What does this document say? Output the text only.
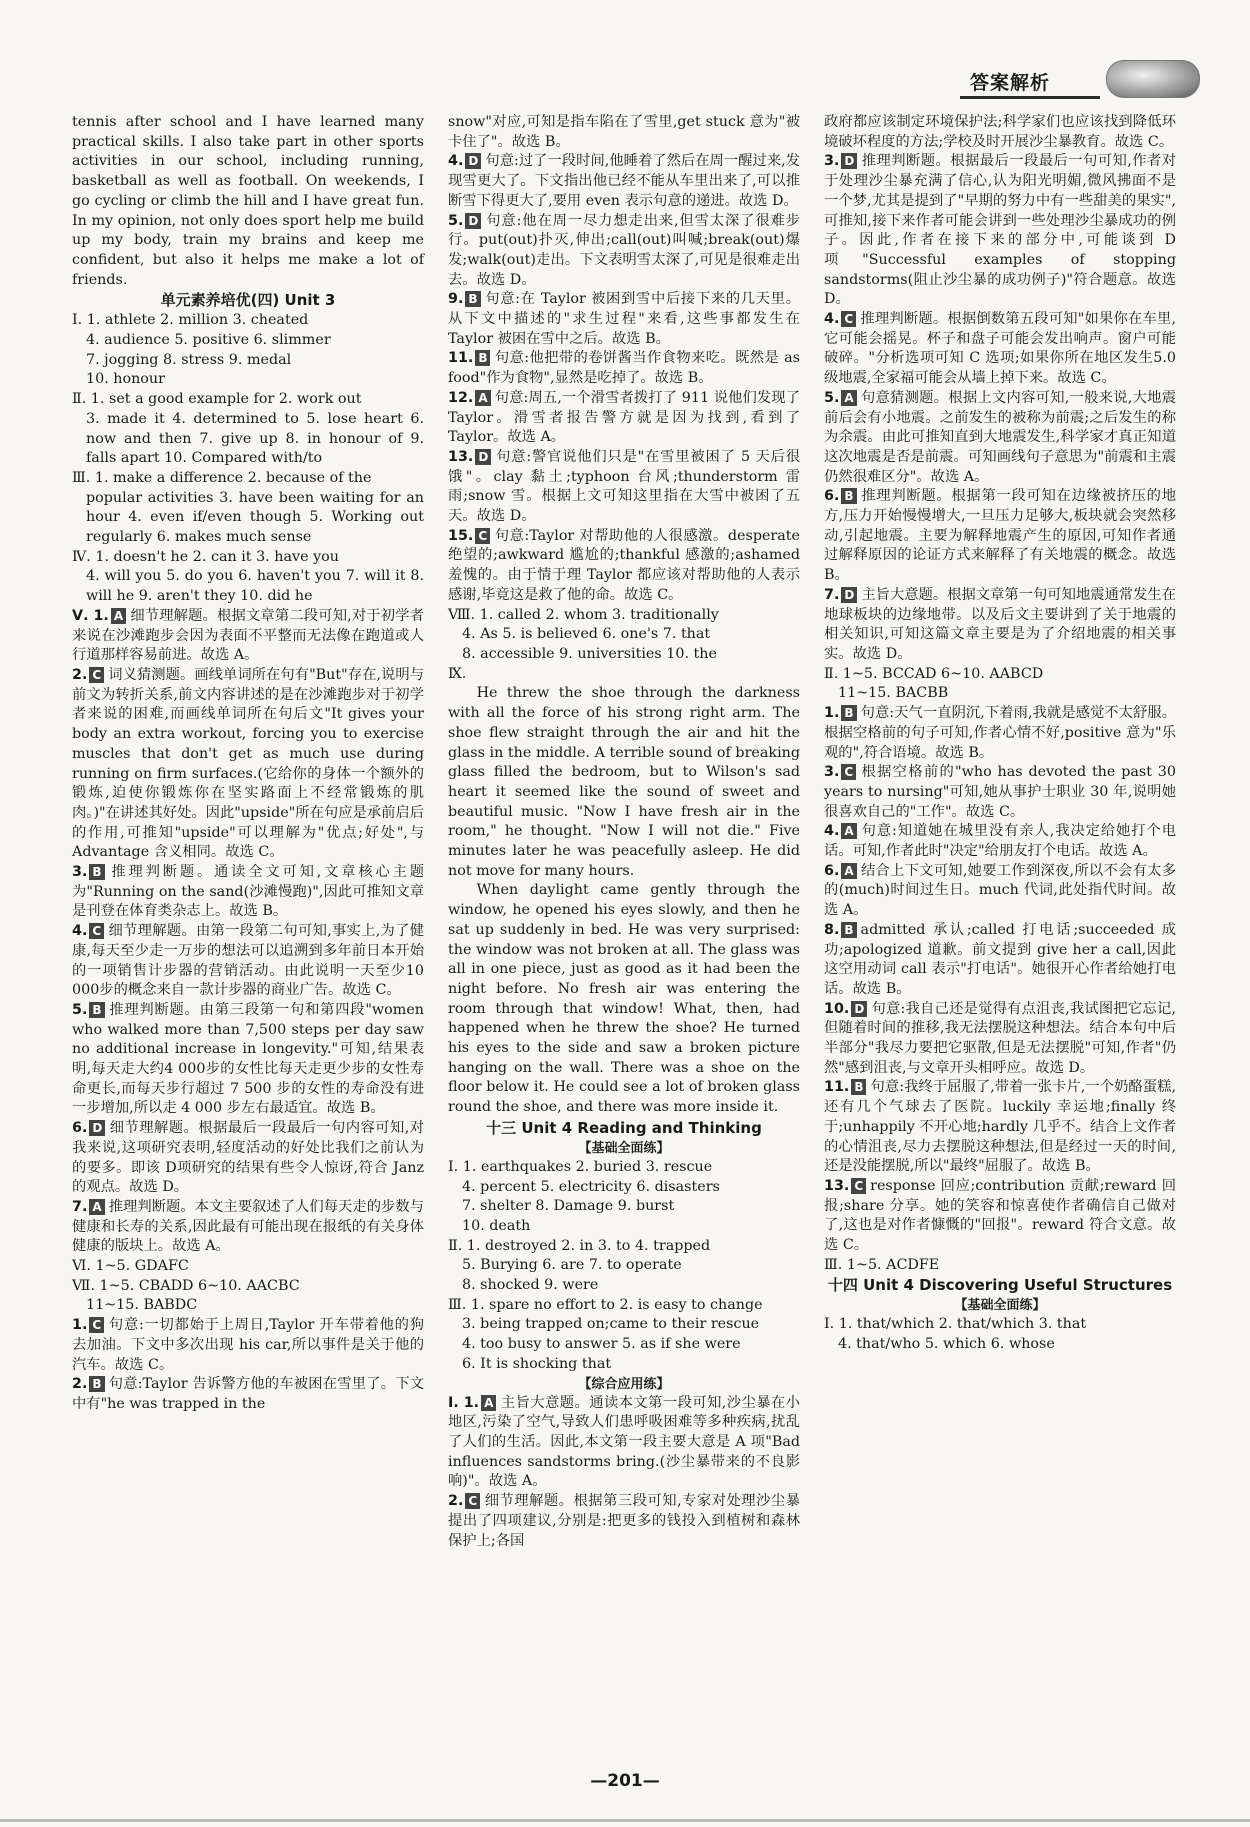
答案解析

tennis after school and I have learned many practical skills. I also take part in other sports activities in our school, including running, basketball as well as football. On weekends, I go cycling or climb the hill and I have great fun. In my opinion, not only does sport help me build up my body, train my brains and keep me confident, but also it helps me make a lot of friends.

单元素养培优(四) Unit 3

Ⅰ. 1. athlete 2. million 3. cheated

4. audience 5. positive 6. slimmer

7. jogging 8. stress 9. medal

10. honour

Ⅱ. 1. set a good example for 2. work out

3. made it 4. determined to 5. lose heart 6. now and then 7. give up 8. in honour of 9. falls apart 10. Compared with/to

Ⅲ. 1. make a difference 2. because of the

popular activities 3. have been waiting for an hour 4. even if/even though 5. Working out regularly 6. makes much sense

Ⅳ. 1. doesn't he 2. can it 3. have you

4. will you 5. do you 6. haven't you 7. will it 8. will he 9. aren't they 10. did he

Ⅴ. 1. A 细节理解题。根据文章第二段可知,对于初学者来说在沙滩跑步会因为表面不平整而无法像在跑道或人行道那样容易前进。故选 A。

2. C 词义猜测题。画线单词所在句有"But"存在,说明与前文为转折关系,前文内容讲述的是在沙滩跑步对于初学者来说的困难,而画线单词所在句后文"It gives your body an extra workout, forcing you to exercise muscles that don't get as much use during running on firm surfaces.(它给你的身体一个额外的锻炼,迫使你锻炼你在坚实路面上不经常锻炼的肌肉。)"在讲述其好处。因此"upside"所在句应是承前启后的作用,可推知"upside"可以理解为"优点;好处",与 Advantage 含义相同。故选 C。

3. B 推理判断题。通读全文可知,文章核心主题为"Running on the sand(沙滩慢跑)",因此可推知文章是刊登在体育类杂志上。故选 B。

4. C 细节理解题。由第一段第二句可知,事实上,为了健康,每天至少走一万步的想法可以追溯到多年前日本开始的一项销售计步器的营销活动。由此说明一天至少10 000步的概念来自一款计步器的商业广告。故选 C。

5. B 推理判断题。由第三段第一句和第四段"women who walked more than 7,500 steps per day saw no additional increase in longevity."可知,结果表明,每天走大约4 000步的女性比每天走更少步的女性寿命更长,而每天步行超过 7 500 步的女性的寿命没有进一步增加,所以走 4 000 步左右最适宜。故选 B。

6. D 细节理解题。根据最后一段最后一句内容可知,对我来说,这项研究表明,轻度活动的好处比我们之前认为的要多。即该 D项研究的结果有些令人惊讶,符合 Janz 的观点。故选 D。

7. A 推理判断题。本文主要叙述了人们每天走的步数与健康和长寿的关系,因此最有可能出现在报纸的有关身体健康的版块上。故选 A。

Ⅵ. 1~5. GDAFC

Ⅶ. 1~5. CBADD 6~10. AACBC

11~15. BABDC

1. C 句意:一切都始于上周日,Taylor 开车带着他的狗去加油。下文中多次出现 his car,所以事件是关于他的汽车。故选 C。

2. B 句意:Taylor 告诉警方他的车被困在雪里了。下文中有"he was trapped in the

snow"对应,可知是指车陷在了雪里,get stuck 意为"被卡住了"。故选 B。

4. D 句意:过了一段时间,他睡着了然后在周一醒过来,发现雪更大了。下文指出他已经不能从车里出来了,可以推断雪下得更大了,要用 even 表示句意的递进。故选 D。

5. D 句意:他在周一尽力想走出来,但雪太深了很难步行。put(out)扑灭,伸出;call(out)叫喊;break(out)爆发;walk(out)走出。下文表明雪太深了,可见是很难走出去。故选 D。

9. B 句意:在 Taylor 被困到雪中后接下来的几天里。从下文中描述的"求生过程"来看,这些事都发生在 Taylor 被困在雪中之后。故选 B。

11. B 句意:他把带的卷饼酱当作食物来吃。既然是 as food"作为食物",显然是吃掉了。故选 B。

12. A 句意:周五,一个滑雪者拨打了 911 说他们发现了 Taylor。滑雪者报告警方就是因为找到,看到了 Taylor。故选 A。

13. D 句意:警官说他们只是"在雪里被困了 5 天后很饿"。clay 黏土;typhoon 台风;thunderstorm 雷雨;snow 雪。根据上文可知这里指在大雪中被困了五天。故选 D。

15. C 句意:Taylor 对帮助他的人很感激。desperate 绝望的;awkward 尴尬的;thankful 感激的;ashamed 羞愧的。由于情于理 Taylor 都应该对帮助他的人表示感谢,毕竟这是救了他的命。故选 C。

Ⅷ. 1. called 2. whom 3. traditionally

4. As 5. is believed 6. one's 7. that

8. accessible 9. universities 10. the

Ⅸ.

He threw the shoe through the darkness with all the force of his strong right arm. The shoe flew straight through the air and hit the glass in the middle. A terrible sound of breaking glass filled the bedroom, but to Wilson's sad heart it seemed like the sound of sweet and beautiful music. "Now I have fresh air in the room," he thought. "Now I will not die." Five minutes later he was peacefully asleep. He did not move for many hours.

When daylight came gently through the window, he opened his eyes slowly, and then he sat up suddenly in bed. He was very surprised: the window was not broken at all. The glass was all in one piece, just as good as it had been the night before. No fresh air was entering the room through that window! What, then, had happened when he threw the shoe? He turned his eyes to the side and saw a broken picture hanging on the wall. There was a shoe on the floor below it. He could see a lot of broken glass round the shoe, and there was more inside it.

十三 Unit 4 Reading and Thinking

【基础全面练】

Ⅰ. 1. earthquakes 2. buried 3. rescue

4. percent 5. electricity 6. disasters

7. shelter 8. Damage 9. burst

10. death

Ⅱ. 1. destroyed 2. in 3. to 4. trapped

5. Burying 6. are 7. to operate

8. shocked 9. were

Ⅲ. 1. spare no effort to 2. is easy to change

3. being trapped on;came to their rescue

4. too busy to answer 5. as if she were

6. It is shocking that

【综合应用练】

Ⅰ. 1. A 主旨大意题。通读本文第一段可知,沙尘暴在小地区,污染了空气,导致人们患呼吸困难等多种疾病,扰乱了人们的生活。因此,本文第一段主要大意是 A 项"Bad influences sandstorms bring.(沙尘暴带来的不良影响)"。故选 A。

2. C 细节理解题。根据第三段可知,专家对处理沙尘暴提出了四项建议,分别是:把更多的钱投入到植树和森林保护上;各国

政府都应该制定环境保护法;科学家们也应该找到降低环境破坏程度的方法;学校及时开展沙尘暴教育。故选 C。

3. D 推理判断题。根据最后一段最后一句可知,作者对于处理沙尘暴充满了信心,认为阳光明媚,微风拂面不是一个梦,尤其是提到了"早期的努力中有一些甜美的果实",可推知,接下来作者可能会讲到一些处理沙尘暴成功的例子。因此,作者在接下来的部分中,可能谈到 D 项"Successful examples of stopping sandstorms(阻止沙尘暴的成功例子)"符合题意。故选 D。

4. C 推理判断题。根据倒数第五段可知"如果你在车里,它可能会摇晃。杯子和盘子可能会发出响声。窗户可能破碎。"分析选项可知 C 选项;如果你所在地区发生5.0级地震,全家福可能会从墙上掉下来。故选 C。

5. A 句意猜测题。根据上文内容可知,一般来说,大地震前后会有小地震。之前发生的被称为前震;之后发生的称为余震。由此可推知直到大地震发生,科学家才真正知道这次地震是否是前震。可知画线句子意思为"前震和主震仍然很难区分"。故选 A。

6. B 推理判断题。根据第一段可知在边缘被挤压的地方,压力开始慢慢增大,一旦压力足够大,板块就会突然移动,引起地震。主要为解释地震产生的原因,可知作者通过解释原因的论证方式来解释了有关地震的概念。故选 B。

7. D 主旨大意题。根据文章第一句可知地震通常发生在地球板块的边缘地带。以及后文主要讲到了关于地震的相关知识,可知这篇文章主要是为了介绍地震的相关事实。故选 D。

Ⅱ. 1~5. BCCAD 6~10. AABCD

11~15. BACBB

1. B 句意:天气一直阴沉,下着雨,我就是感觉不太舒服。根据空格前的句子可知,作者心情不好,positive 意为"乐观的",符合语境。故选 B。

3. C 根据空格前的"who has devoted the past 30 years to nursing"可知,她从事护士职业 30 年,说明她很喜欢自己的"工作"。故选 C。

4. A 句意:知道她在城里没有亲人,我决定给她打个电话。可知,作者此时"决定"给朋友打个电话。故选 A。

6. A 结合上下文可知,她要工作到深夜,所以不会有太多的(much)时间过生日。much 代词,此处指代时间。故选 A。

8. B admitted 承认;called 打电话;succeeded 成功;apologized 道歉。前文提到 give her a call,因此这空用动词 call 表示"打电话"。她很开心作者给她打电话。故选 B。

10. D 句意:我自己还是觉得有点沮丧,我试图把它忘记,但随着时间的推移,我无法摆脱这种想法。结合本句中后半部分"我尽力要把它驱散,但是无法摆脱"可知,作者"仍然"感到沮丧,与文章开头相呼应。故选 D。

11. B 句意:我终于屈服了,带着一张卡片,一个奶酪蛋糕,还有几个气球去了医院。luckily 幸运地;finally 终于;unhappily 不开心地;hardly 几乎不。结合上文作者的心情沮丧,尽力去摆脱这种想法,但是经过一天的时间,还是没能摆脱,所以"最终"屈服了。故选 B。

13. C response 回应;contribution 贡献;reward 回报;share 分享。她的笑容和惊喜使作者确信自己做对了,这也是对作者慷慨的"回报"。reward 符合文意。故选 C。

Ⅲ. 1~5. ACDFE

十四 Unit 4 Discovering Useful Structures

【基础全面练】

Ⅰ. 1. that/which 2. that/which 3. that

4. that/who 5. which 6. whose

—201—
